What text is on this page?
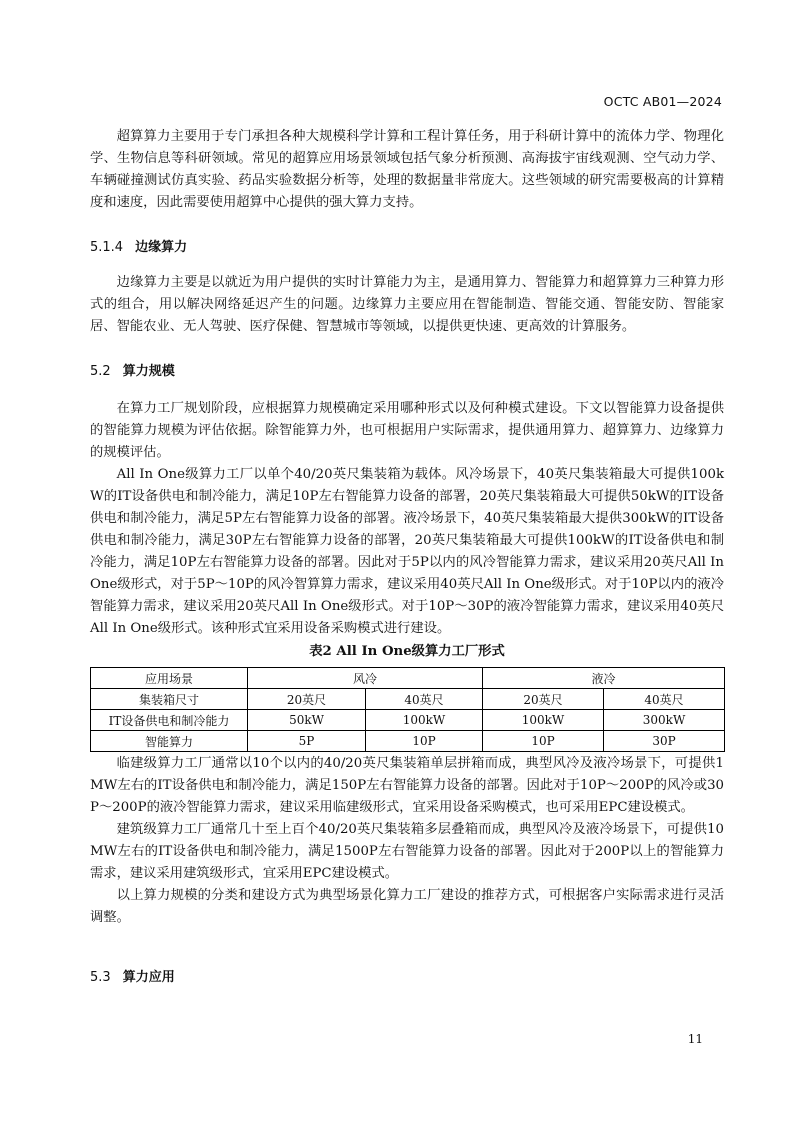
OCTC AB01—2024

超算算力主要用于专门承担各种大规模科学计算和工程计算任务，用于科研计算中的流体力学、物理化学、生物信息等科研领域。常见的超算应用场景领域包括气象分析预测、高海拔宇宙线观测、空气动力学、车辆碰撞测试仿真实验、药品实验数据分析等，处理的数据量非常庞大。这些领域的研究需要极高的计算精度和速度，因此需要使用超算中心提供的强大算力支持。

5.1.4 边缘算力

边缘算力主要是以就近为用户提供的实时计算能力为主，是通用算力、智能算力和超算算力三种算力形式的组合，用以解决网络延迟产生的问题。边缘算力主要应用在智能制造、智能交通、智能安防、智能家居、智能农业、无人驾驶、医疗保健、智慧城市等领域，以提供更快速、更高效的计算服务。

5.2 算力规模

在算力工厂规划阶段，应根据算力规模确定采用哪种形式以及何种模式建设。下文以智能算力设备提供的智能算力规模为评估依据。除智能算力外，也可根据用户实际需求，提供通用算力、超算算力、边缘算力的规模评估。

All In One级算力工厂以单个40/20英尺集装箱为载体。风冷场景下，40英尺集装箱最大可提供100kW的IT设备供电和制冷能力，满足10P左右智能算力设备的部署，20英尺集装箱最大可提供50kW的IT设备供电和制冷能力，满足5P左右智能算力设备的部署。液冷场景下，40英尺集装箱最大提供300kW的IT设备供电和制冷能力，满足30P左右智能算力设备的部署，20英尺集装箱最大可提供100kW的IT设备供电和制冷能力，满足10P左右智能算力设备的部署。因此对于5P以内的风冷智能算力需求，建议采用20英尺All In One级形式，对于5P～10P的风冷智算算力需求，建议采用40英尺All In One级形式。对于10P以内的液冷智能算力需求，建议采用20英尺All In One级形式。对于10P～30P的液冷智能算力需求，建议采用40英尺All In One级形式。该种形式宜采用设备采购模式进行建设。

表2 All In One级算力工厂形式
应用场景	风冷		液冷	
集装箱尺寸	20英尺	40英尺	20英尺	40英尺
IT设备供电和制冷能力	50kW	100kW	100kW	300kW
智能算力	5P	10P	10P	30P

临建级算力工厂通常以10个以内的40/20英尺集装箱单层拼箱而成，典型风冷及液冷场景下，可提供1MW左右的IT设备供电和制冷能力，满足150P左右智能算力设备的部署。因此对于10P～200P的风冷或30P～200P的液冷智能算力需求，建议采用临建级形式，宜采用设备采购模式，也可采用EPC建设模式。

建筑级算力工厂通常几十至上百个40/20英尺集装箱多层叠箱而成，典型风冷及液冷场景下，可提供10MW左右的IT设备供电和制冷能力，满足1500P左右智能算力设备的部署。因此对于200P以上的智能算力需求，建议采用建筑级形式，宜采用EPC建设模式。

以上算力规模的分类和建设方式为典型场景化算力工厂建设的推荐方式，可根据客户实际需求进行灵活调整。

5.3 算力应用
11
